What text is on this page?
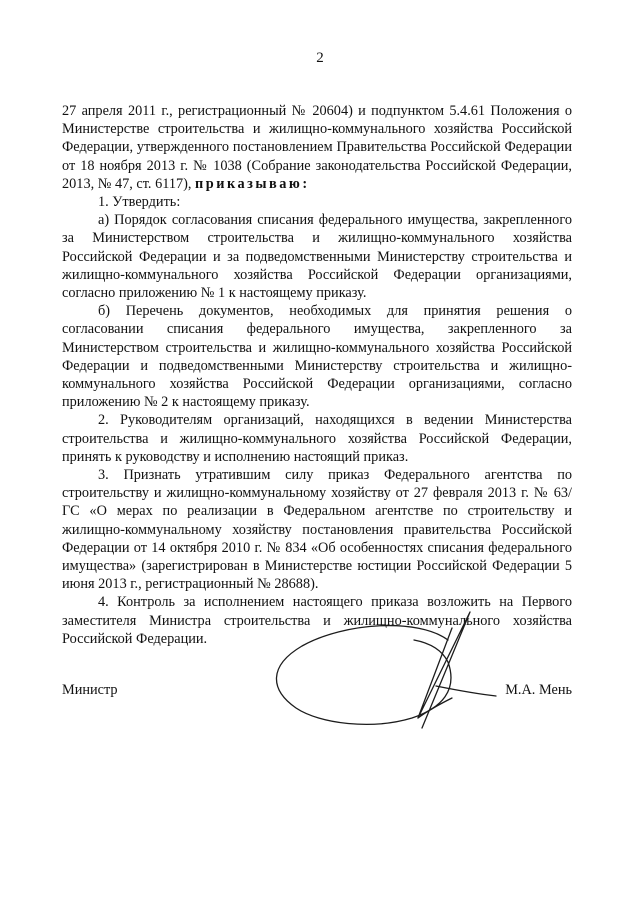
2

27 апреля 2011 г., регистрационный № 20604) и подпунктом 5.4.61 Положения о Министерстве строительства и жилищно-коммунального хозяйства Российской Федерации, утвержденного постановлением Правительства Российской Федерации от 18 ноября 2013 г. № 1038 (Собрание законодательства Российской Федерации, 2013, № 47, ст. 6117), приказываю:

1. Утвердить:

а) Порядок согласования списания федерального имущества, закрепленного за Министерством строительства и жилищно-коммунального хозяйства Российской Федерации и за подведомственными Министерству строительства и жилищно-коммунального хозяйства Российской Федерации организациями, согласно приложению № 1 к настоящему приказу.

б) Перечень документов, необходимых для принятия решения о согласовании списания федерального имущества, закрепленного за Министерством строительства и жилищно-коммунального хозяйства Российской Федерации и подведомственными Министерству строительства и жилищно-коммунального хозяйства Российской Федерации организациями, согласно приложению № 2 к настоящему приказу.

2. Руководителям организаций, находящихся в ведении Министерства строительства и жилищно-коммунального хозяйства Российской Федерации, принять к руководству и исполнению настоящий приказ.

3. Признать утратившим силу приказ Федерального агентства по строительству и жилищно-коммунальному хозяйству от 27 февраля 2013 г. № 63/ГС «О мерах по реализации в Федеральном агентстве по строительству и жилищно-коммунальному хозяйству постановления правительства Российской Федерации от 14 октября 2010 г. № 834 «Об особенностях списания федерального имущества» (зарегистрирован в Министерстве юстиции Российской Федерации 5 июня 2013 г., регистрационный № 28688).

4. Контроль за исполнением настоящего приказа возложить на Первого заместителя Министра строительства и жилищно-коммунального хозяйства Российской Федерации.

Министр	М.А. Мень
